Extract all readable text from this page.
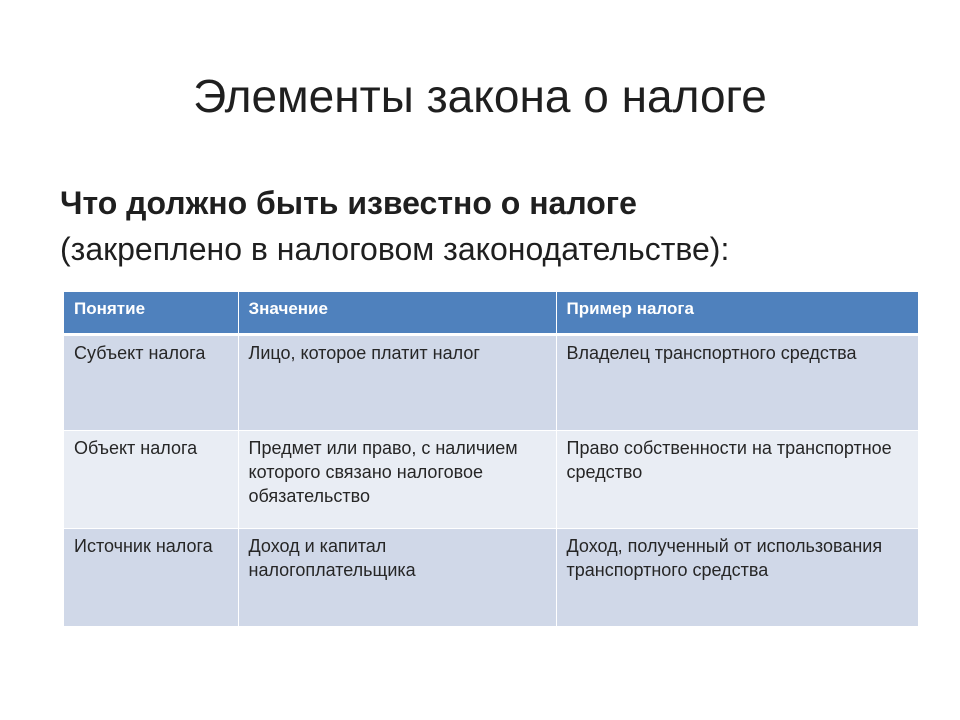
Элементы закона о налоге
Что должно быть известно о налоге
(закреплено в налоговом законодательстве):
Понятие	Значение	Пример налога
Субъект налога	Лицо, которое платит налог	Владелец транспортного средства
Объект налога	Предмет или право, с наличием которого связано налоговое обязательство	Право собственности на транспортное средство
Источник налога	Доход и капитал налогоплательщика	Доход, полученный от использования транспортного средства
